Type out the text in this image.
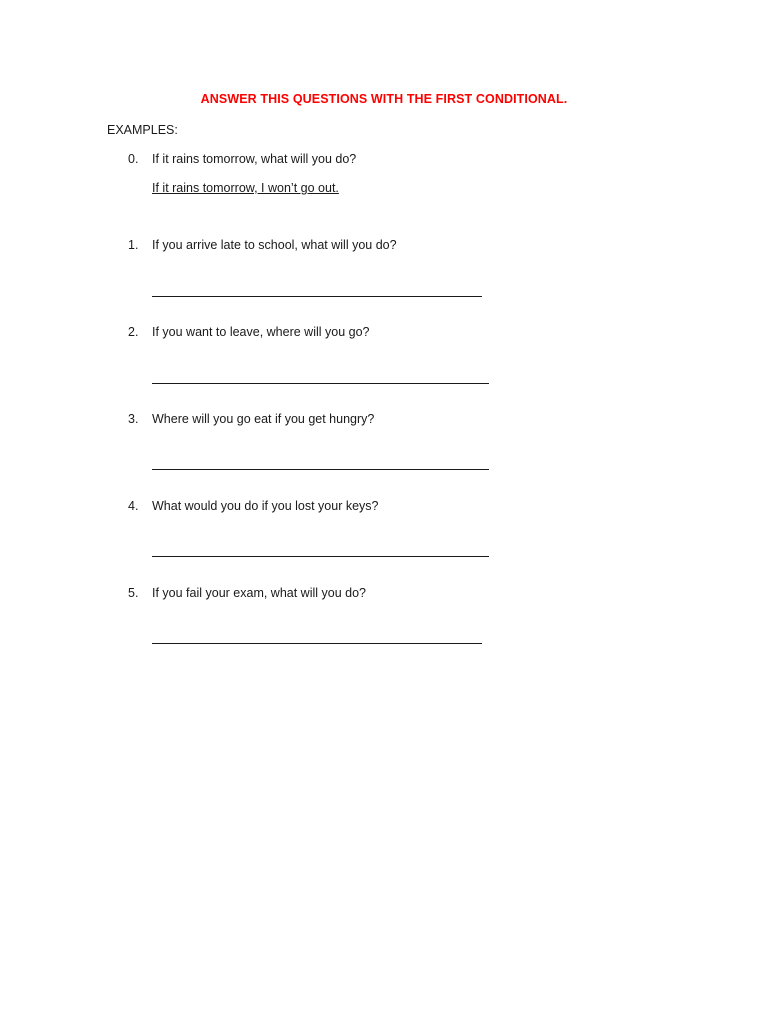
ANSWER THIS QUESTIONS WITH THE FIRST CONDITIONAL.
EXAMPLES:
0.	If it rains tomorrow, what will you do?
If it rains tomorrow, I won’t go out.
1.	If you arrive late to school, what will you do?
2.	If you want to leave, where will you go?
3.	Where will you go eat if you get hungry?
4.	What would you do if you lost your keys?
5.	If you fail your exam, what will you do?
